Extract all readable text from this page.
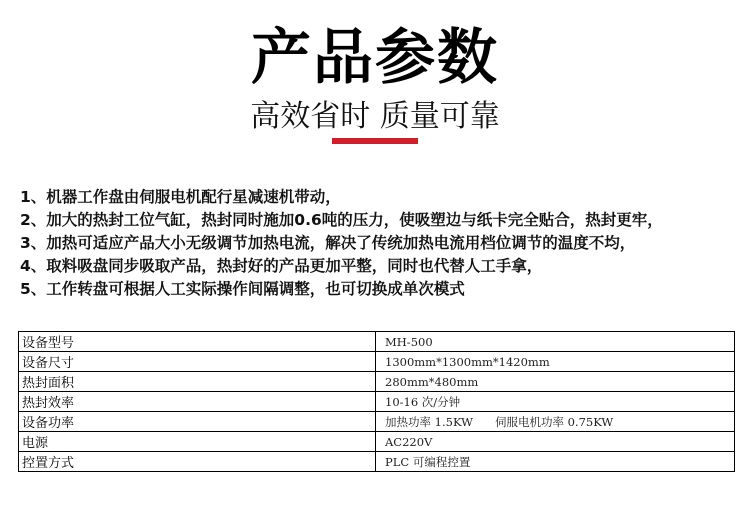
产品参数
高效省时 质量可靠
1、机器工作盘由伺服电机配行星减速机带动，
2、加大的热封工位气缸，热封同时施加0.6吨的压力，使吸塑边与纸卡完全贴合，热封更牢，
3、加热可适应产品大小无级调节加热电流，解决了传统加热电流用档位调节的温度不均，
4、取料吸盘同步吸取产品，热封好的产品更加平整，同时也代替人工手拿，
5、工作转盘可根据人工实际操作间隔调整，也可切换成单次模式
设备型号	MH-500
设备尺寸	1300mm*1300mm*1420mm
热封面积	280mm*480mm
热封效率	10-16 次/分钟
设备功率	加热功率 1.5KW 伺服电机功率 0.75KW
电源	AC220V
控置方式	PLC 可编程控置
